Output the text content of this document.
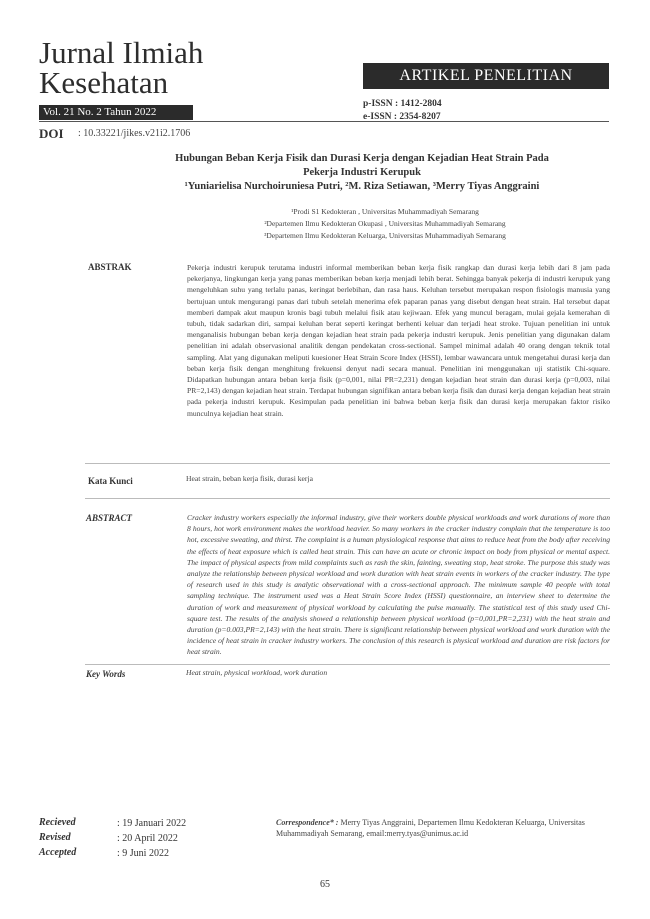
Jurnal Ilmiah
Kesehatan
Vol. 21 No. 2 Tahun 2022
ARTIKEL PENELITIAN
p-ISSN : 1412-2804
e-ISSN : 2354-8207
DOI : 10.33221/jikes.v21i2.1706
Hubungan Beban Kerja Fisik dan Durasi Kerja dengan Kejadian Heat Strain Pada
Pekerja Industri Kerupuk
¹Yuniarielisa Nurchoiruniesa Putri, ²M. Riza Setiawan, ³Merry Tiyas Anggraini
¹Prodi S1 Kedokteran , Universitas Muhammadiyah Semarang
²Departemen Ilmu Kedokteran Okupasi , Universitas Muhammadiyah Semarang
³Departemen Ilmu Kedokteran Keluarga, Universitas Muhammadiyah Semarang
ABSTRAK	Pekerja industri kerupuk terutama industri informal memberikan beban kerja fisik rangkap dan durasi kerja lebih dari 8 jam pada pekerjanya, lingkungan kerja yang panas memberikan beban kerja menjadi lebih berat. Sehingga banyak pekerja di industri kerupuk yang mengeluhkan suhu yang terlalu panas, keringat berlebihan, dan rasa haus. Keluhan tersebut merupakan respon fisiologis manusia yang bertujuan untuk mengurangi panas dari tubuh setelah menerima efek paparan panas yang disebut dengan heat strain. Hal tersebut dapat memberi dampak akut maupun kronis bagi tubuh melalui fisik atau kejiwaan. Efek yang muncul beragam, mulai gejala kemerahan di tubuh, tidak sadarkan diri, sampai keluhan berat seperti keringat berhenti keluar dan terjadi heat stroke. Tujuan penelitian ini untuk menganalisis hubungan beban kerja dengan kejadian heat strain pada pekerja industri kerupuk. Jenis penelitian yang digunakan dalam penelitian ini adalah observasional analitik dengan pendekatan cross-sectional. Sampel minimal adalah 40 orang dengan teknik total sampling. Alat yang digunakan meliputi kuesioner Heat Strain Score Index (HSSI), lembar wawancara untuk mengetahui durasi kerja dan beban kerja fisik dengan menghitung frekuensi denyut nadi secara manual. Penelitian ini menggunakan uji statistik Chi-square. Didapatkan hubungan antara beban kerja fisik (p=0,001, nilai PR=2,231) dengan kejadian heat strain dan durasi kerja (p=0,003, nilai PR=2,143) dengan kejadian heat strain. Terdapat hubungan signifikan antara beban kerja fisik dan durasi kerja dengan kejadian heat strain pada pekerja industri kerupuk. Kesimpulan pada penelitian ini bahwa beban kerja fisik dan durasi kerja merupakan faktor risiko munculnya kejadian heat strain.
Kata Kunci	Heat strain, beban kerja fisik, durasi kerja
ABSTRACT	Cracker industry workers especially the informal industry, give their workers double physical workloads and work durations of more than 8 hours, hot work environment makes the workload heavier. So many workers in the cracker industry complain that the temperature is too hot, excessive sweating, and thirst. The complaint is a human physiological response that aims to reduce heat from the body after receiving the effects of heat exposure which is called heat strain. This can have an acute or chronic impact on body from physical or mental aspect. The impact of physical aspects from mild complaints such as rash the skin, fainting, sweating stop, heat stroke. The purpose this study was analyze the relationship between physical workload and work duration with heat strain events in workers of the cracker industry. The type of research used in this study is analytic observational with a cross-sectional approach. The minimum sample 40 people with total sampling technique. The instrument used was a Heat Strain Score Index (HSSI) questionnaire, an interview sheet to determine the duration of work and measurement of physical workload by calculating the pulse manually. The statistical test of this study used Chi-square test. The results of the analysis showed a relationship between physical workload (p=0,001,PR=2,231) with the heat strain and duration (p=0.003,PR=2,143) with the heat strain. There is significant relationship between physical workload and work duration with the incidence of heat strain in cracker industry workers. The conclusion of this research is physical workload and duration are risk factors for heat strain.
Key Words	Heat strain, physical workload, work duration
Recieved	: 19 Januari 2022
Revised	: 20 April 2022
Accepted	: 9 Juni 2022
Correspondence* : Merry Tiyas Anggraini, Departemen Ilmu Kedokteran Keluarga, Universitas Muhammadiyah Semarang, email:merry.tyas@unimus.ac.id
65
